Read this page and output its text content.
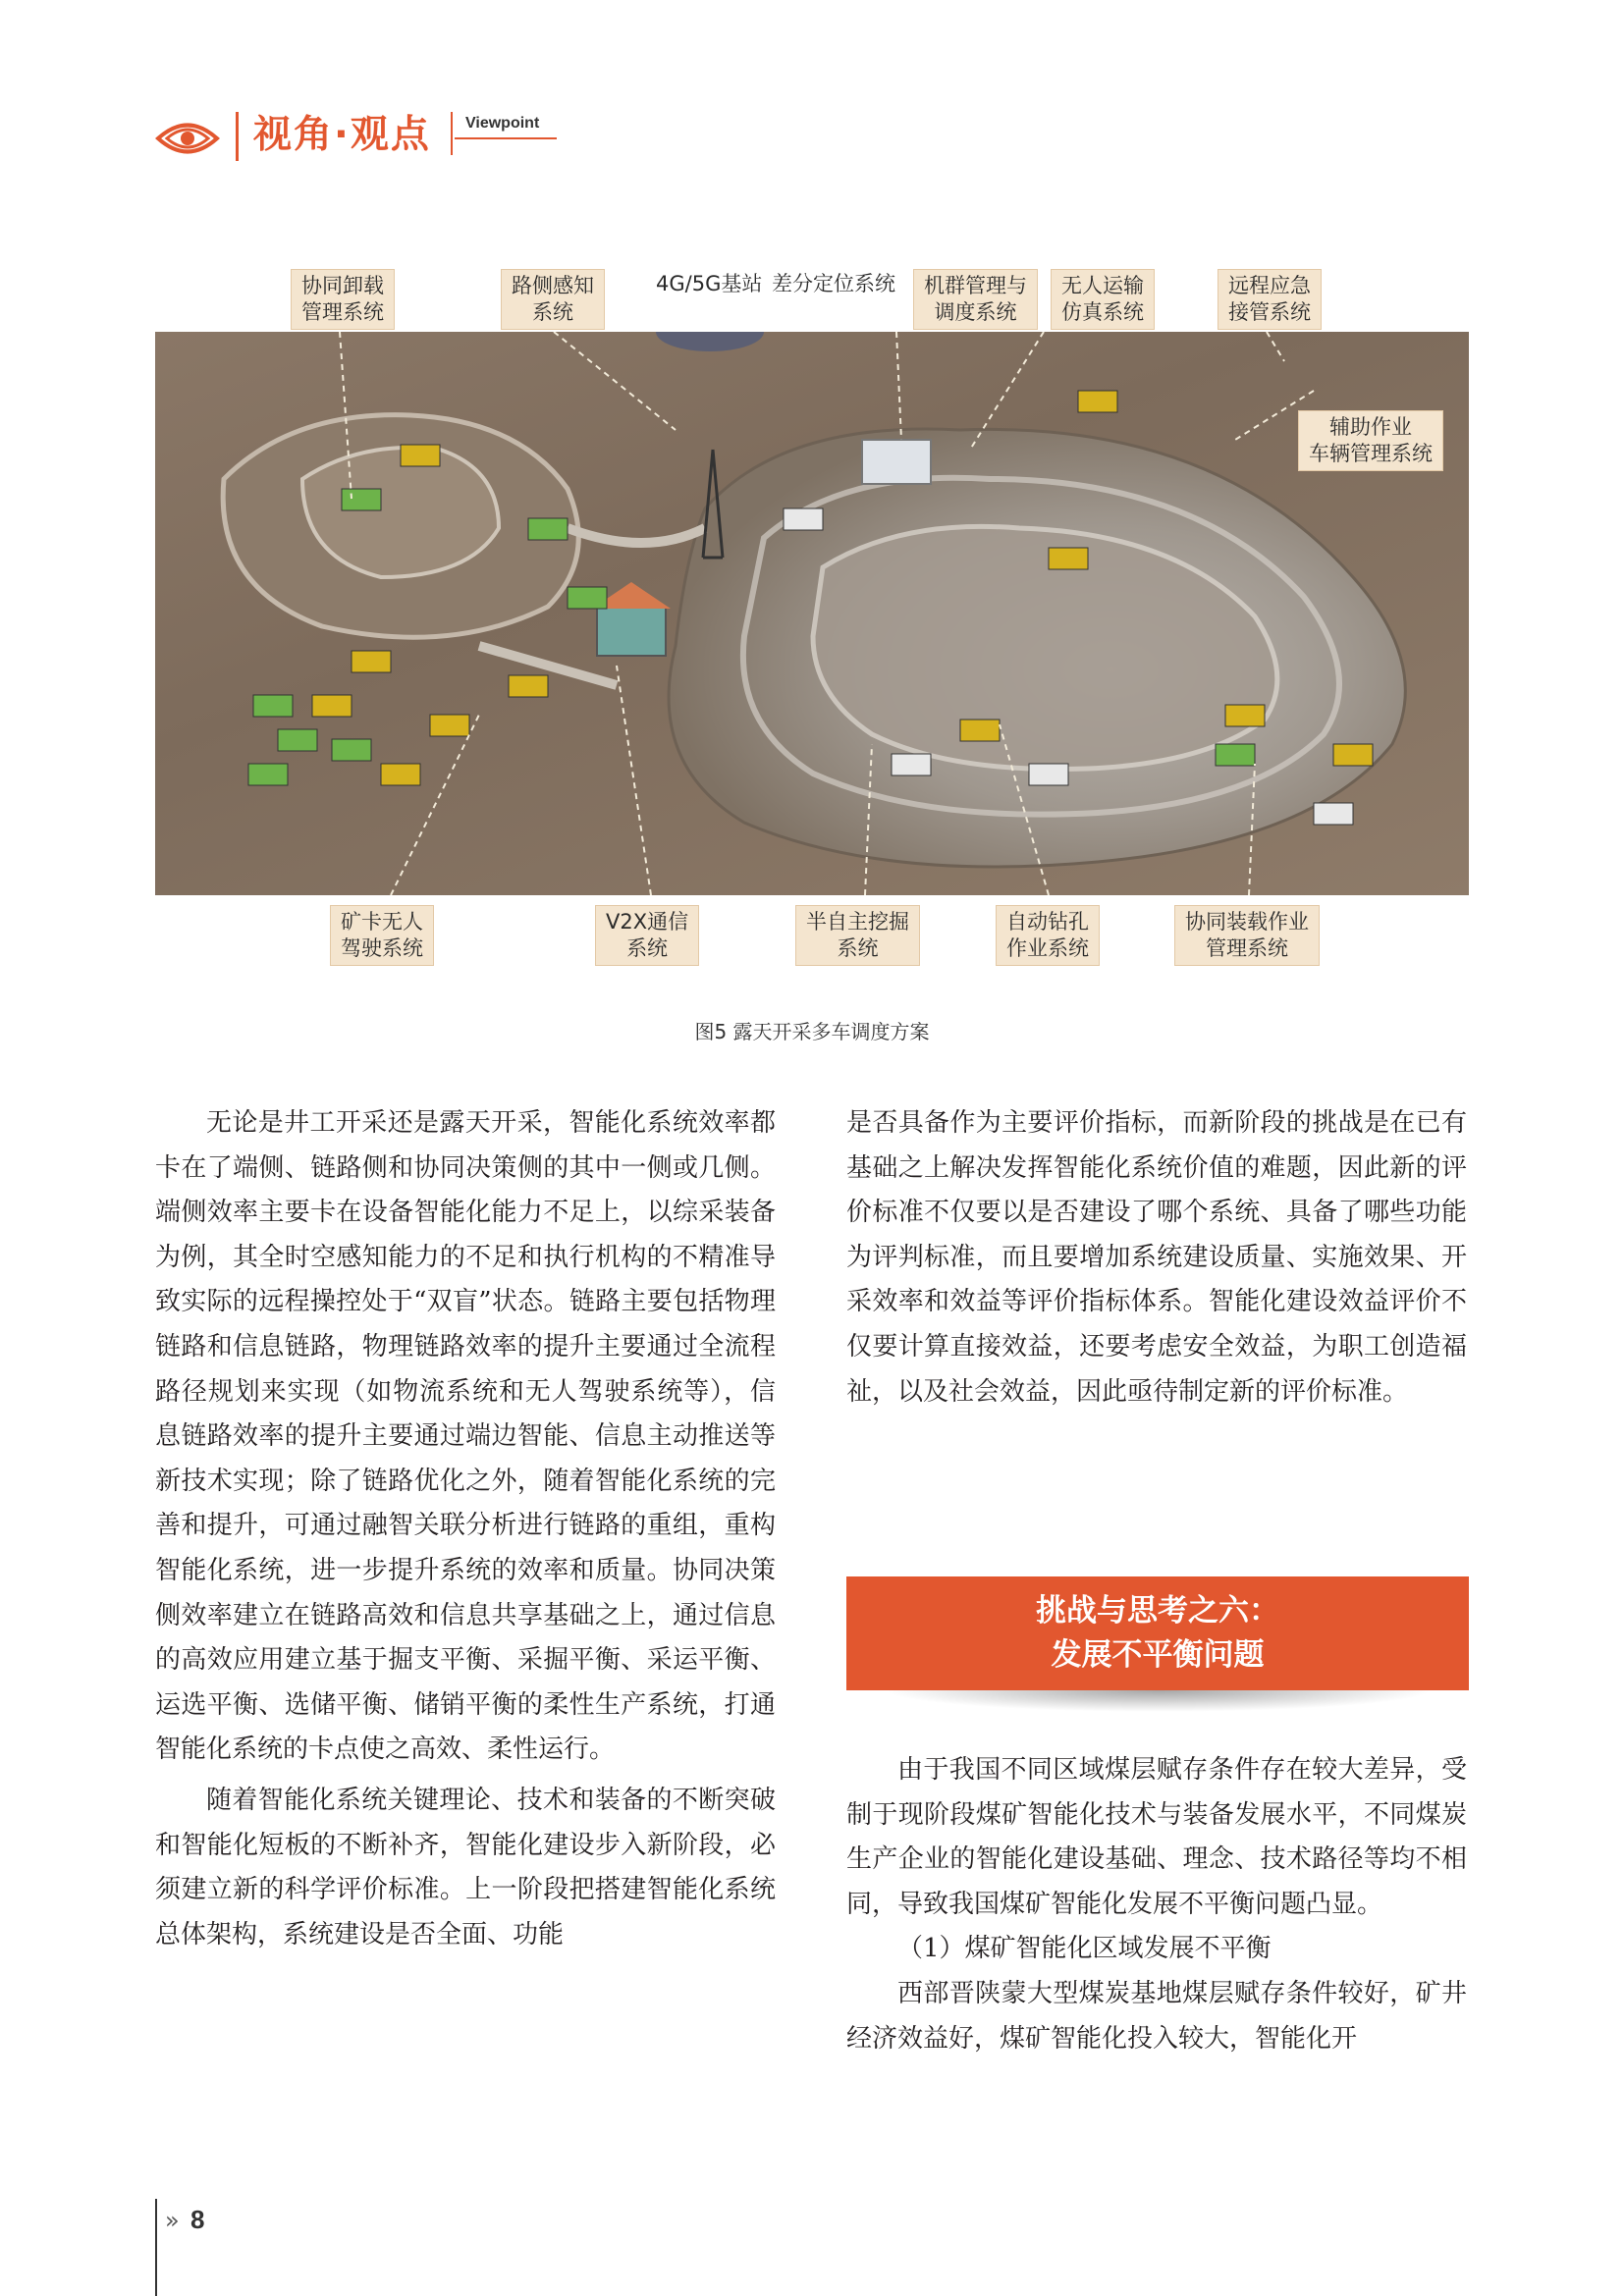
视角·观点 Viewpoint
协同卸载
管理系统
路侧感知
系统
4G/5G基站 差分定位系统 机群管理与
调度系统
无人运输
仿真系统
远程应急
接管系统
辅助作业
车辆管理系统
矿卡无人
驾驶系统
V2X通信
系统
半自主挖掘
系统
自动钻孔
作业系统
协同装载作业
管理系统
图5 露天开采多车调度方案

无论是井工开采还是露天开采，智能化系统效率都卡在了端侧、链路侧和协同决策侧的其中一侧或几侧。端侧效率主要卡在设备智能化能力不足上，以综采装备为例，其全时空感知能力的不足和执行机构的不精准导致实际的远程操控处于“双盲”状态。链路主要包括物理链路和信息链路，物理链路效率的提升主要通过全流程路径规划来实现（如物流系统和无人驾驶系统等），信息链路效率的提升主要通过端边智能、信息主动推送等新技术实现；除了链路优化之外，随着智能化系统的完善和提升，可通过融智关联分析进行链路的重组，重构智能化系统，进一步提升系统的效率和质量。协同决策侧效率建立在链路高效和信息共享基础之上，通过信息的高效应用建立基于掘支平衡、采掘平衡、采运平衡、运选平衡、选储平衡、储销平衡的柔性生产系统，打通智能化系统的卡点使之高效、柔性运行。

随着智能化系统关键理论、技术和装备的不断突破和智能化短板的不断补齐，智能化建设步入新阶段，必须建立新的科学评价标准。上一阶段把搭建智能化系统总体架构，系统建设是否全面、功能

是否具备作为主要评价指标，而新阶段的挑战是在已有基础之上解决发挥智能化系统价值的难题，因此新的评价标准不仅要以是否建设了哪个系统、具备了哪些功能为评判标准，而且要增加系统建设质量、实施效果、开采效率和效益等评价指标体系。智能化建设效益评价不仅要计算直接效益，还要考虑安全效益，为职工创造福祉，以及社会效益，因此亟待制定新的评价标准。

挑战与思考之六：
发展不平衡问题

由于我国不同区域煤层赋存条件存在较大差异，受制于现阶段煤矿智能化技术与装备发展水平，不同煤炭生产企业的智能化建设基础、理念、技术路径等均不相同，导致我国煤矿智能化发展不平衡问题凸显。

（1）煤矿智能化区域发展不平衡

西部晋陕蒙大型煤炭基地煤层赋存条件较好，矿井经济效益好，煤矿智能化投入较大，智能化开

» 8
